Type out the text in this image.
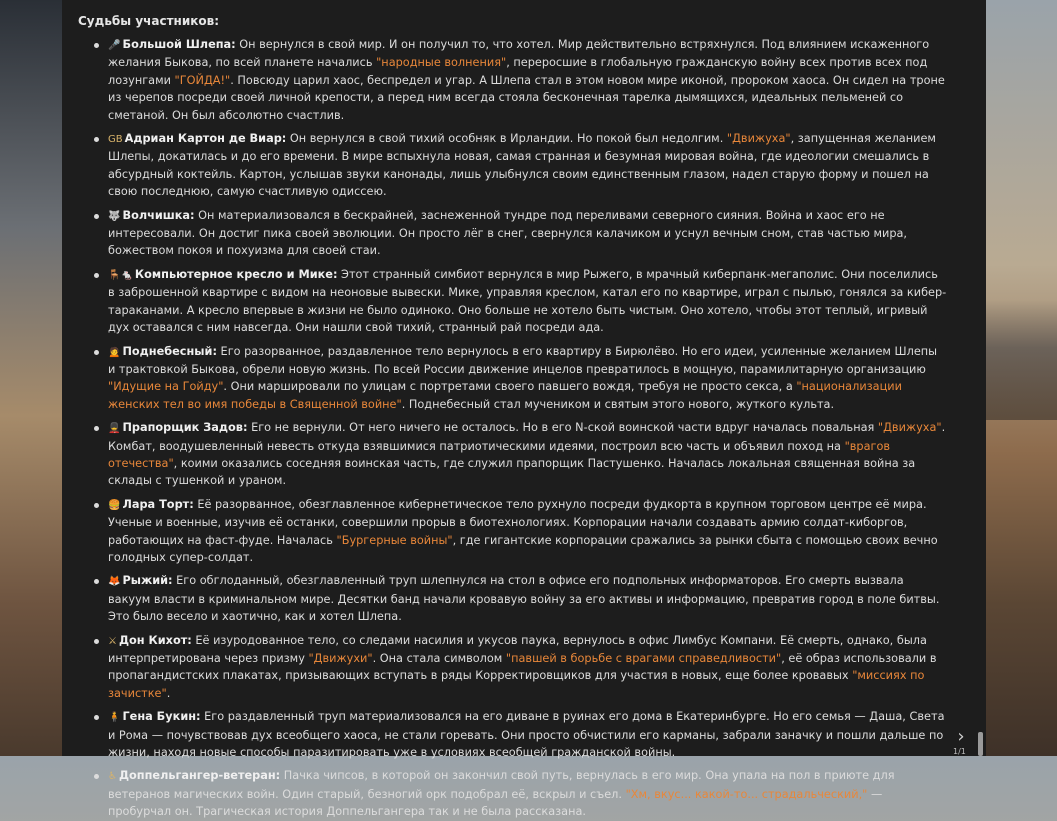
Судьбы участников:
🎤 Большой Шлепа: Он вернулся в свой мир. И он получил то, что хотел. Мир действительно встряхнулся. Под влиянием искаженного желания Быкова, по всей планете начались "народные волнения", переросшие в глобальную гражданскую войну всех против всех под лозунгами "ГОЙДА!". Повсюду царил хаос, беспредел и угар. А Шлепа стал в этом новом мире иконой, пророком хаоса. Он сидел на троне из черепов посреди своей личной крепости, а перед ним всегда стояла бесконечная тарелка дымящихся, идеальных пельменей со сметаной. Он был абсолютно счастлив.
GB Адриан Картон де Виар: Он вернулся в свой тихий особняк в Ирландии. Но покой был недолгим. "Движуха", запущенная желанием Шлепы, докатилась и до его времени. В мире вспыхнула новая, самая странная и безумная мировая война, где идеологии смешались в абсурдный коктейль. Картон, услышав звуки канонады, лишь улыбнулся своим единственным глазом, надел старую форму и пошел на свою последнюю, самую счастливую одиссею.
🐺 Волчишка: Он материализовался в бескрайней, заснеженной тундре под переливами северного сияния. Война и хаос его не интересовали. Он достиг пика своей эволюции. Он просто лёг в снег, свернулся калачиком и уснул вечным сном, став частью мира, божеством покоя и похуизма для своей стаи.
🪑🐁 Компьютерное кресло и Мике: Этот странный симбиот вернулся в мир Рыжего, в мрачный киберпанк-мегаполис. Они поселились в заброшенной квартире с видом на неоновые вывески. Мике, управляя креслом, катал его по квартире, играл с пылью, гонялся за кибер-тараканами. А кресло впервые в жизни не было одиноко. Оно больше не хотело быть чистым. Оно хотело, чтобы этот теплый, игривый дух оставался с ним навсегда. Они нашли свой тихий, странный рай посреди ада.
🙍 Поднебесный: Его разорванное, раздавленное тело вернулось в его квартиру в Бирюлёво. Но его идеи, усиленные желанием Шлепы и трактовкой Быкова, обрели новую жизнь. По всей России движение инцелов превратилось в мощную, парамилитарную организацию "Идущие на Гойду". Они маршировали по улицам с портретами своего павшего вождя, требуя не просто секса, а "национализации женских тел во имя победы в Священной войне". Поднебесный стал мучеником и святым этого нового, жуткого культа.
💂 Прапорщик Задов: Его не вернули. От него ничего не осталось. Но в его N-ской воинской части вдруг началась повальная "Движуха". Комбат, воодушевленный невесть откуда взявшимися патриотическими идеями, построил всю часть и объявил поход на "врагов отечества", коими оказались соседняя воинская часть, где служил прапорщик Пастушенко. Началась локальная священная война за склады с тушенкой и ураном.
🍔 Лара Торт: Её разорванное, обезглавленное кибернетическое тело рухнуло посреди фудкорта в крупном торговом центре её мира. Ученые и военные, изучив её останки, совершили прорыв в биотехнологиях. Корпорации начали создавать армию солдат-киборгов, работающих на фаст-фуде. Началась "Бургерные войны", где гигантские корпорации сражались за рынки сбыта с помощью своих вечно голодных супер-солдат.
🦊 Рыжий: Его обглоданный, обезглавленный труп шлепнулся на стол в офисе его подпольных информаторов. Его смерть вызвала вакуум власти в криминальном мире. Десятки банд начали кровавую войну за его активы и информацию, превратив город в поле битвы. Это было весело и хаотично, как и хотел Шлепа.
⚔ Дон Кихот: Её изуродованное тело, со следами насилия и укусов паука, вернулось в офис Лимбус Компани. Её смерть, однако, была интерпретирована через призму "Движухи". Она стала символом "павшей в борьбе с врагами справедливости", её образ использовали в пропагандистских плакатах, призывающих вступать в ряды Корректировщиков для участия в новых, еще более кровавых "миссиях по зачистке".
🧍 Гена Букин: Его раздавленный труп материализовался на его диване в руинах его дома в Екатеринбурге. Но его семья — Даша, Света и Рома — почувствовав дух всеобщего хаоса, не стали горевать. Они просто обчистили его карманы, забрали заначку и пошли дальше по жизни, находя новые способы паразитировать уже в условиях всеобщей гражданской войны.
♿ Доппельгангер-ветеран: Пачка чипсов, в которой он закончил свой путь, вернулась в его мир. Она упала на пол в приюте для ветеранов магических войн. Один старый, безногий орк подобрал её, вскрыл и съел. "Хм, вкус... какой-то... страдальческий," — пробурчал он. Трагическая история Доппельгангера так и не была рассказана.
›
1/1
